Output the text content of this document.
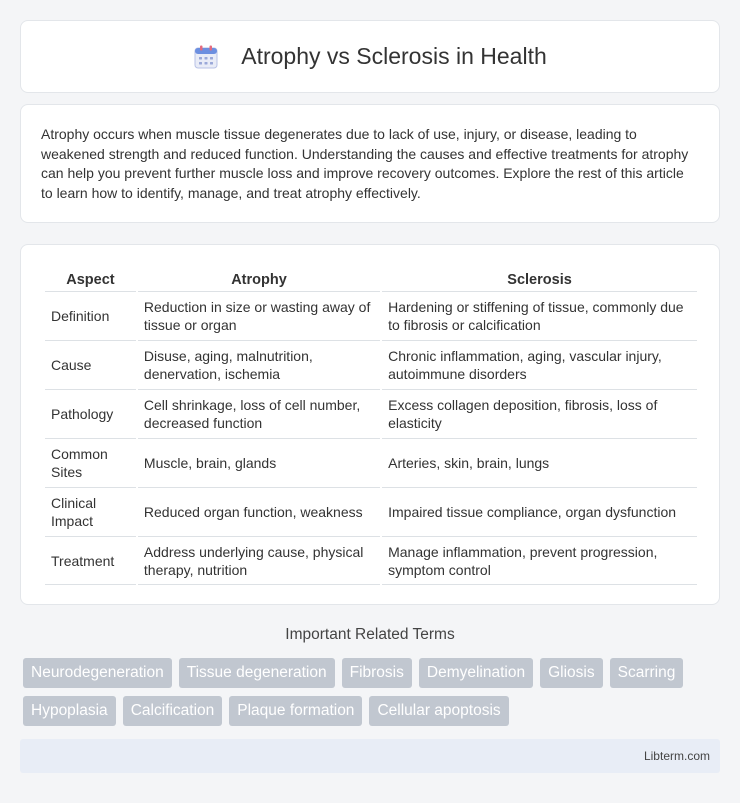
Atrophy vs Sclerosis in Health

Atrophy occurs when muscle tissue degenerates due to lack of use, injury, or disease, leading to weakened strength and reduced function. Understanding the causes and effective treatments for atrophy can help you prevent further muscle loss and improve recovery outcomes. Explore the rest of this article to learn how to identify, manage, and treat atrophy effectively.

Aspect	Atrophy	Sclerosis
Definition	Reduction in size or wasting away of tissue or organ	Hardening or stiffening of tissue, commonly due to fibrosis or calcification
Cause	Disuse, aging, malnutrition, denervation, ischemia	Chronic inflammation, aging, vascular injury, autoimmune disorders
Pathology	Cell shrinkage, loss of cell number, decreased function	Excess collagen deposition, fibrosis, loss of elasticity
Common Sites	Muscle, brain, glands	Arteries, skin, brain, lungs
Clinical Impact	Reduced organ function, weakness	Impaired tissue compliance, organ dysfunction
Treatment	Address underlying cause, physical therapy, nutrition	Manage inflammation, prevent progression, symptom control
Important Related Terms
Neurodegeneration	Tissue degeneration	Fibrosis	Demyelination	Gliosis	Scarring
Hypoplasia	Calcification	Plaque formation	Cellular apoptosis
Libterm.com
